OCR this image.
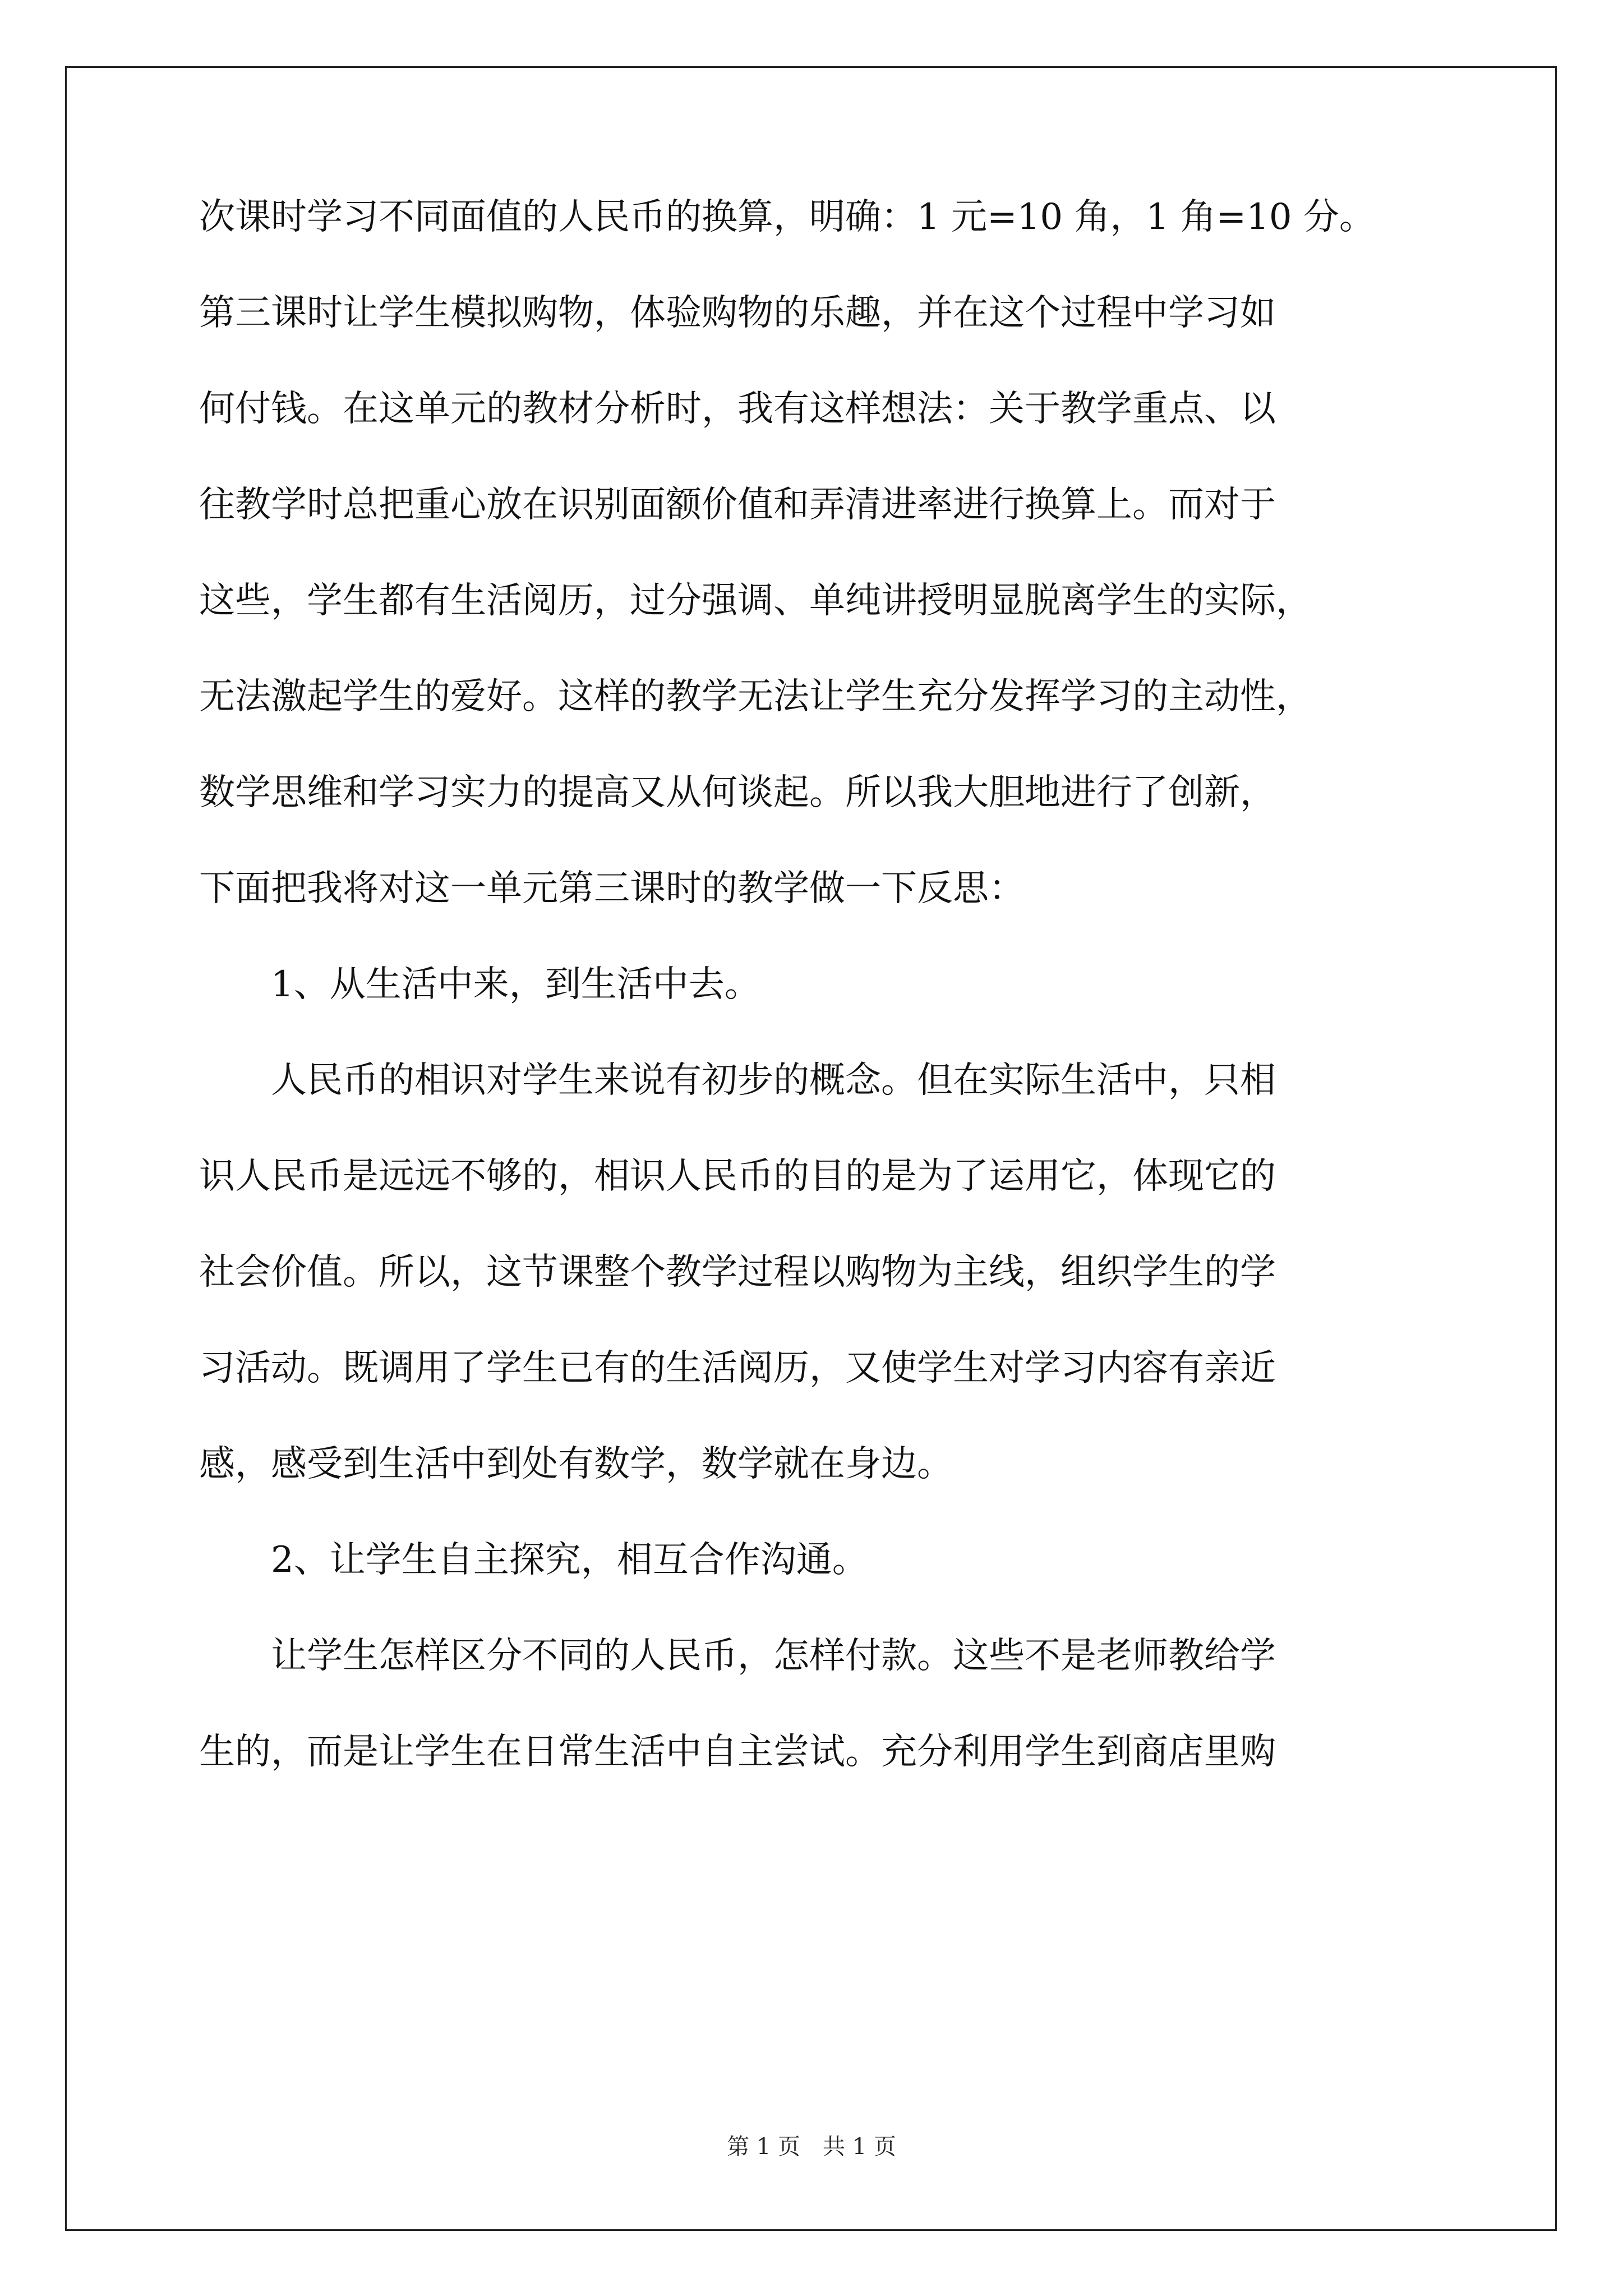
次课时学习不同面值的人民币的换算，明确：1 元=10 角，1 角=10 分。
第三课时让学生模拟购物，体验购物的乐趣，并在这个过程中学习如
何付钱。在这单元的教材分析时，我有这样想法：关于教学重点、以
往教学时总把重心放在识别面额价值和弄清进率进行换算上。而对于
这些，学生都有生活阅历，过分强调、单纯讲授明显脱离学生的实际，
无法激起学生的爱好。这样的教学无法让学生充分发挥学习的主动性，
数学思维和学习实力的提高又从何谈起。所以我大胆地进行了创新，
下面把我将对这一单元第三课时的教学做一下反思：
1、从生活中来，到生活中去。
人民币的相识对学生来说有初步的概念。但在实际生活中，只相
识人民币是远远不够的，相识人民币的目的是为了运用它，体现它的
社会价值。所以，这节课整个教学过程以购物为主线，组织学生的学
习活动。既调用了学生已有的生活阅历，又使学生对学习内容有亲近
感，感受到生活中到处有数学，数学就在身边。
2、让学生自主探究，相互合作沟通。
让学生怎样区分不同的人民币，怎样付款。这些不是老师教给学
生的，而是让学生在日常生活中自主尝试。充分利用学生到商店里购
第 1 页　共 1 页
